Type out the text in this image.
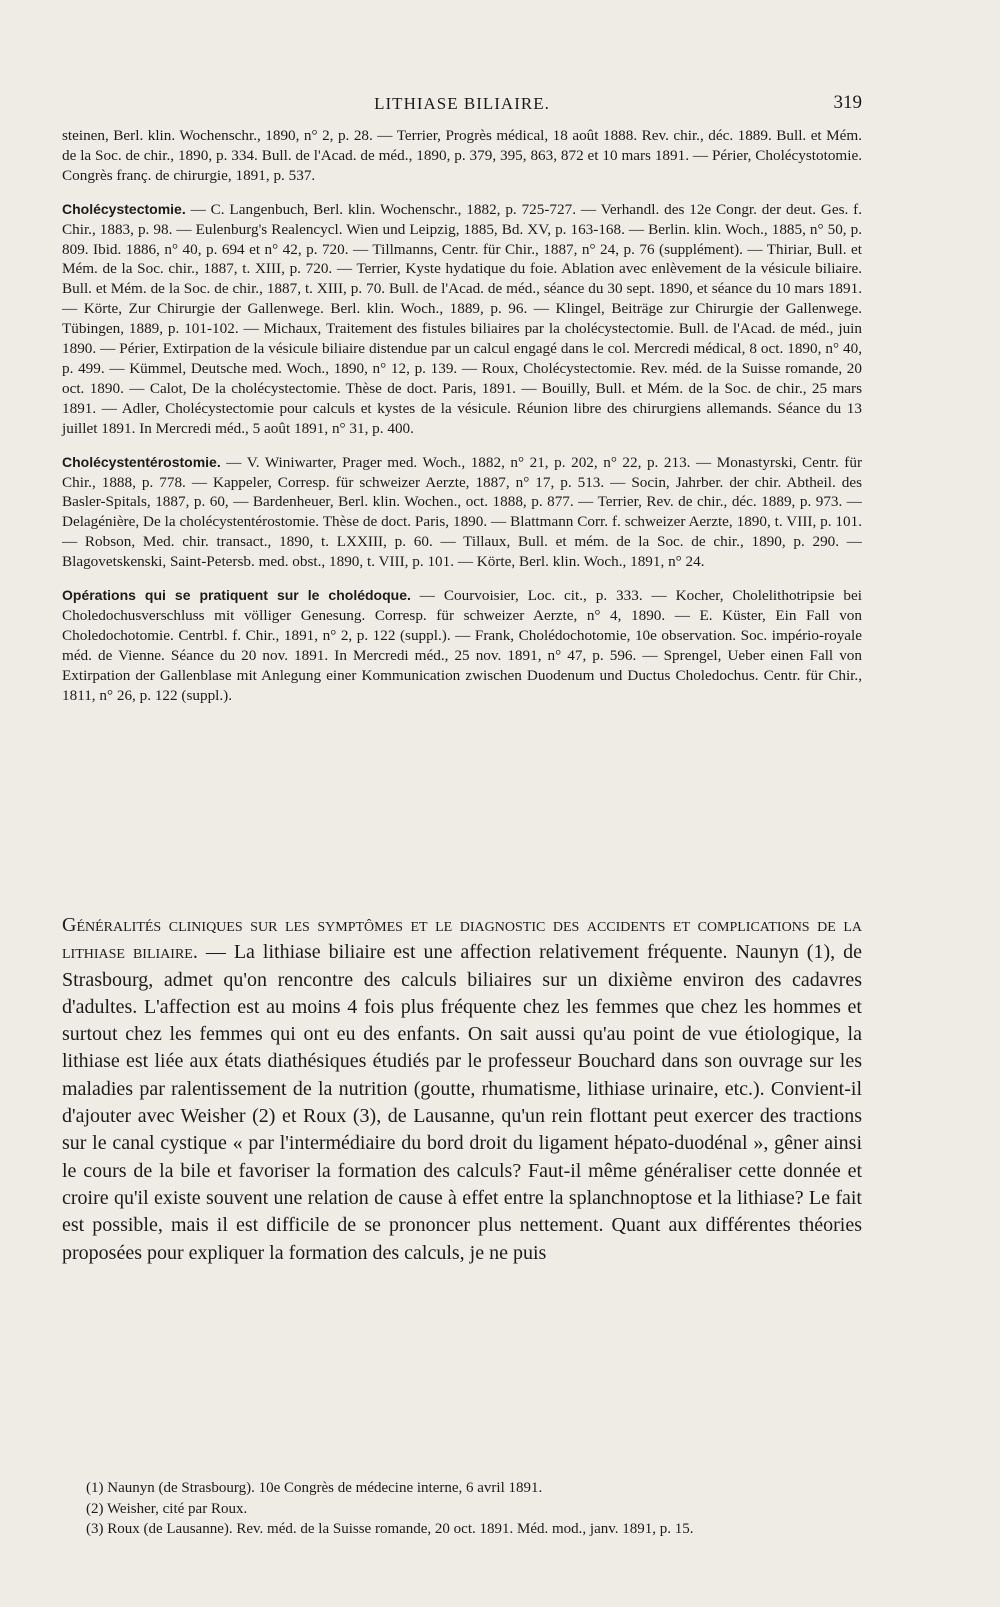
LITHIASE BILIAIRE.	319

steinen, Berl. klin. Wochenschr., 1890, n° 2, p. 28. — Terrier, Progrès médical, 18 août 1888. Rev. chir., déc. 1889. Bull. et Mém. de la Soc. de chir., 1890, p. 334. Bull. de l'Acad. de méd., 1890, p. 379, 395, 863, 872 et 10 mars 1891. — Périer, Cholécystotomie. Congrès franç. de chirurgie, 1891, p. 537.

Cholécystectomie. — C. Langenbuch, Berl. klin. Wochenschr., 1882, p. 725-727. — Verhandl. des 12e Congr. der deut. Ges. f. Chir., 1883, p. 98. — Eulenburg's Realencycl. Wien und Leipzig, 1885, Bd. XV, p. 163-168. — Berlin. klin. Woch., 1885, n° 50, p. 809. Ibid. 1886, n° 40, p. 694 et n° 42, p. 720. — Tillmanns, Centr. für Chir., 1887, n° 24, p. 76 (supplément). — Thiriar, Bull. et Mém. de la Soc. chir., 1887, t. XIII, p. 720. — Terrier, Kyste hydatique du foie. Ablation avec enlèvement de la vésicule biliaire. Bull. et Mém. de la Soc. de chir., 1887, t. XIII, p. 70. Bull. de l'Acad. de méd., séance du 30 sept. 1890, et séance du 10 mars 1891. — Körte, Zur Chirurgie der Gallenwege. Berl. klin. Woch., 1889, p. 96. — Klingel, Beiträge zur Chirurgie der Gallenwege. Tübingen, 1889, p. 101-102. — Michaux, Traitement des fistules biliaires par la cholécystectomie. Bull. de l'Acad. de méd., juin 1890. — Périer, Extirpation de la vésicule biliaire distendue par un calcul engagé dans le col. Mercredi médical, 8 oct. 1890, n° 40, p. 499. — Kümmel, Deutsche med. Woch., 1890, n° 12, p. 139. — Roux, Cholécystectomie. Rev. méd. de la Suisse romande, 20 oct. 1890. — Calot, De la cholécystectomie. Thèse de doct. Paris, 1891. — Bouilly, Bull. et Mém. de la Soc. de chir., 25 mars 1891. — Adler, Cholécystectomie pour calculs et kystes de la vésicule. Réunion libre des chirurgiens allemands. Séance du 13 juillet 1891. In Mercredi méd., 5 août 1891, n° 31, p. 400.

Cholécystentérostomie. — V. Winiwarter, Prager med. Woch., 1882, n° 21, p. 202, n° 22, p. 213. — Monastyrski, Centr. für Chir., 1888, p. 778. — Kappeler, Corresp. für schweizer Aerzte, 1887, n° 17, p. 513. — Socin, Jahrber. der chir. Abtheil. des Basler-Spitals, 1887, p. 60, — Bardenheuer, Berl. klin. Wochen., oct. 1888, p. 877. — Terrier, Rev. de chir., déc. 1889, p. 973. — Delagénière, De la cholécystentérostomie. Thèse de doct. Paris, 1890. — Blattmann Corr. f. schweizer Aerzte, 1890, t. VIII, p. 101. — Robson, Med. chir. transact., 1890, t. LXXIII, p. 60. — Tillaux, Bull. et mém. de la Soc. de chir., 1890, p. 290. — Blagovetskenski, Saint-Petersb. med. obst., 1890, t. VIII, p. 101. — Körte, Berl. klin. Woch., 1891, n° 24.

Opérations qui se pratiquent sur le cholédoque. — Courvoisier, Loc. cit., p. 333. — Kocher, Cholelithotripsie bei Choledochusverschluss mit völliger Genesung. Corresp. für schweizer Aerzte, n° 4, 1890. — E. Küster, Ein Fall von Choledochotomie. Centrbl. f. Chir., 1891, n° 2, p. 122 (suppl.). — Frank, Cholédochotomie, 10e observation. Soc. império-royale méd. de Vienne. Séance du 20 nov. 1891. In Mercredi méd., 25 nov. 1891, n° 47, p. 596. — Sprengel, Ueber einen Fall von Extirpation der Gallenblase mit Anlegung einer Kommunication zwischen Duodenum und Ductus Choledochus. Centr. für Chir., 1811, n° 26, p. 122 (suppl.).

Généralités cliniques sur les symptômes et le diagnostic des accidents et complications de la lithiase biliaire. — La lithiase biliaire est une affection relativement fréquente. Naunyn (1), de Strasbourg, admet qu'on rencontre des calculs biliaires sur un dixième environ des cadavres d'adultes. L'affection est au moins 4 fois plus fréquente chez les femmes que chez les hommes et surtout chez les femmes qui ont eu des enfants. On sait aussi qu'au point de vue étiologique, la lithiase est liée aux états diathésiques étudiés par le professeur Bouchard dans son ouvrage sur les maladies par ralentissement de la nutrition (goutte, rhumatisme, lithiase urinaire, etc.). Convient-il d'ajouter avec Weisher (2) et Roux (3), de Lausanne, qu'un rein flottant peut exercer des tractions sur le canal cystique « par l'intermédiaire du bord droit du ligament hépato-duodénal », gêner ainsi le cours de la bile et favoriser la formation des calculs? Faut-il même généraliser cette donnée et croire qu'il existe souvent une relation de cause à effet entre la splanchnoptose et la lithiase? Le fait est possible, mais il est difficile de se prononcer plus nettement. Quant aux différentes théories proposées pour expliquer la formation des calculs, je ne puis
(1) Naunyn (de Strasbourg). 10e Congrès de médecine interne, 6 avril 1891.
(2) Weisher, cité par Roux.
(3) Roux (de Lausanne). Rev. méd. de la Suisse romande, 20 oct. 1891. Méd. mod., janv. 1891, p. 15.
